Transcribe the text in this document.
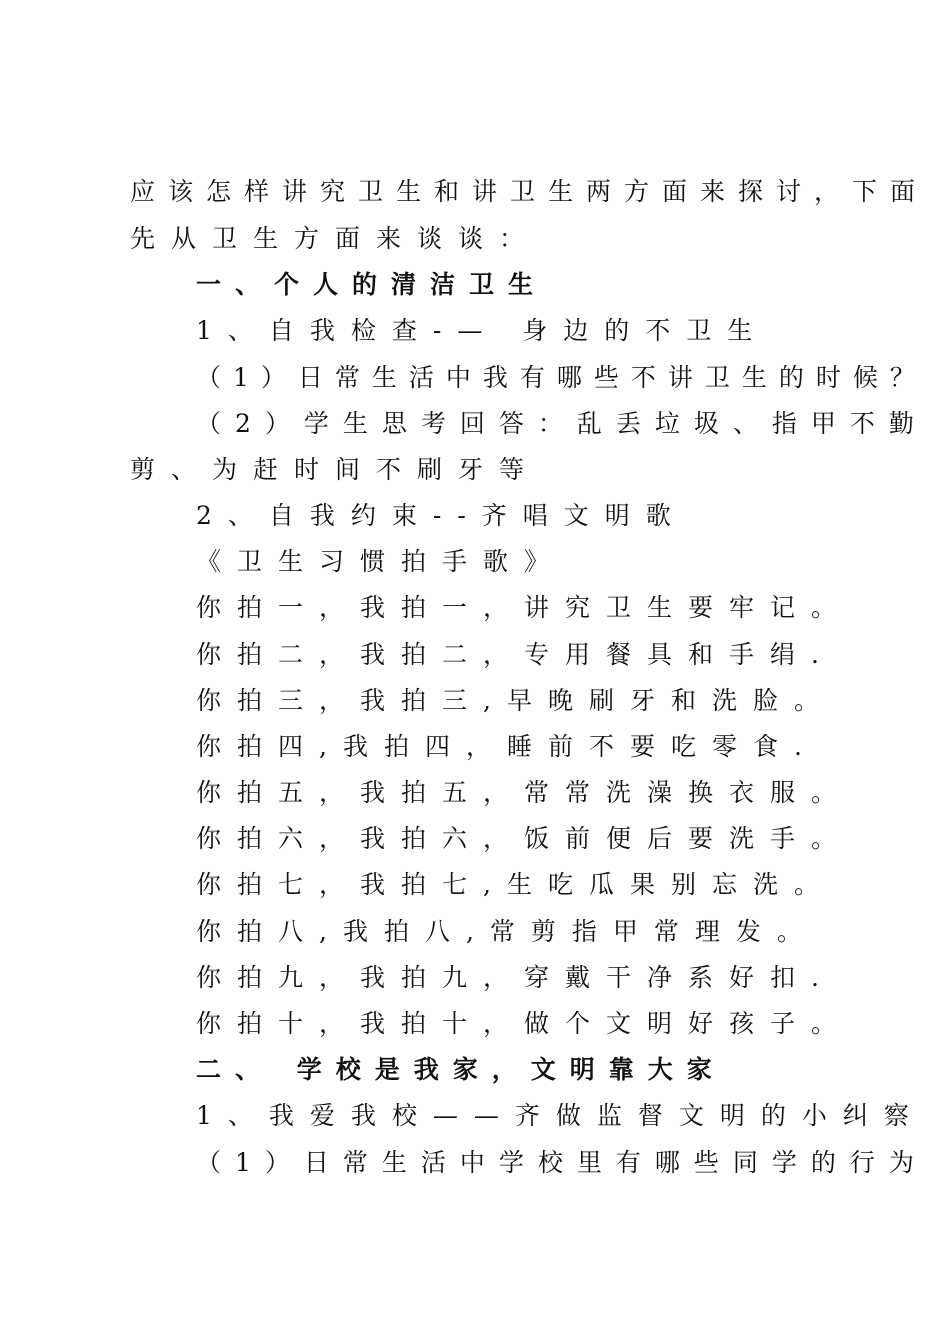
应该怎样讲究卫生和讲卫生两方面来探讨，下面
先从卫生方面来谈谈：
一、个人的清洁卫生
1、自我检查-— 身边的不卫生
（1）日常生活中我有哪些不讲卫生的时候？
（2）学生思考回答：乱丢垃圾、指甲不勤
剪、为赶时间不刷牙等
2、自我约束--齐唱文明歌
《卫生习惯拍手歌》
你拍一，我拍一，讲究卫生要牢记。
你拍二，我拍二，专用餐具和手绢.
你拍三，我拍三,早晚刷牙和洗脸。
你拍四,我拍四，睡前不要吃零食.
你拍五，我拍五，常常洗澡换衣服。
你拍六，我拍六，饭前便后要洗手。
你拍七，我拍七,生吃瓜果别忘洗。
你拍八,我拍八,常剪指甲常理发。
你拍九，我拍九，穿戴干净系好扣.
你拍十，我拍十，做个文明好孩子。
二、 学校是我家，文明靠大家
1、我爱我校——齐做监督文明的小纠察
（1）日常生活中学校里有哪些同学的行为
